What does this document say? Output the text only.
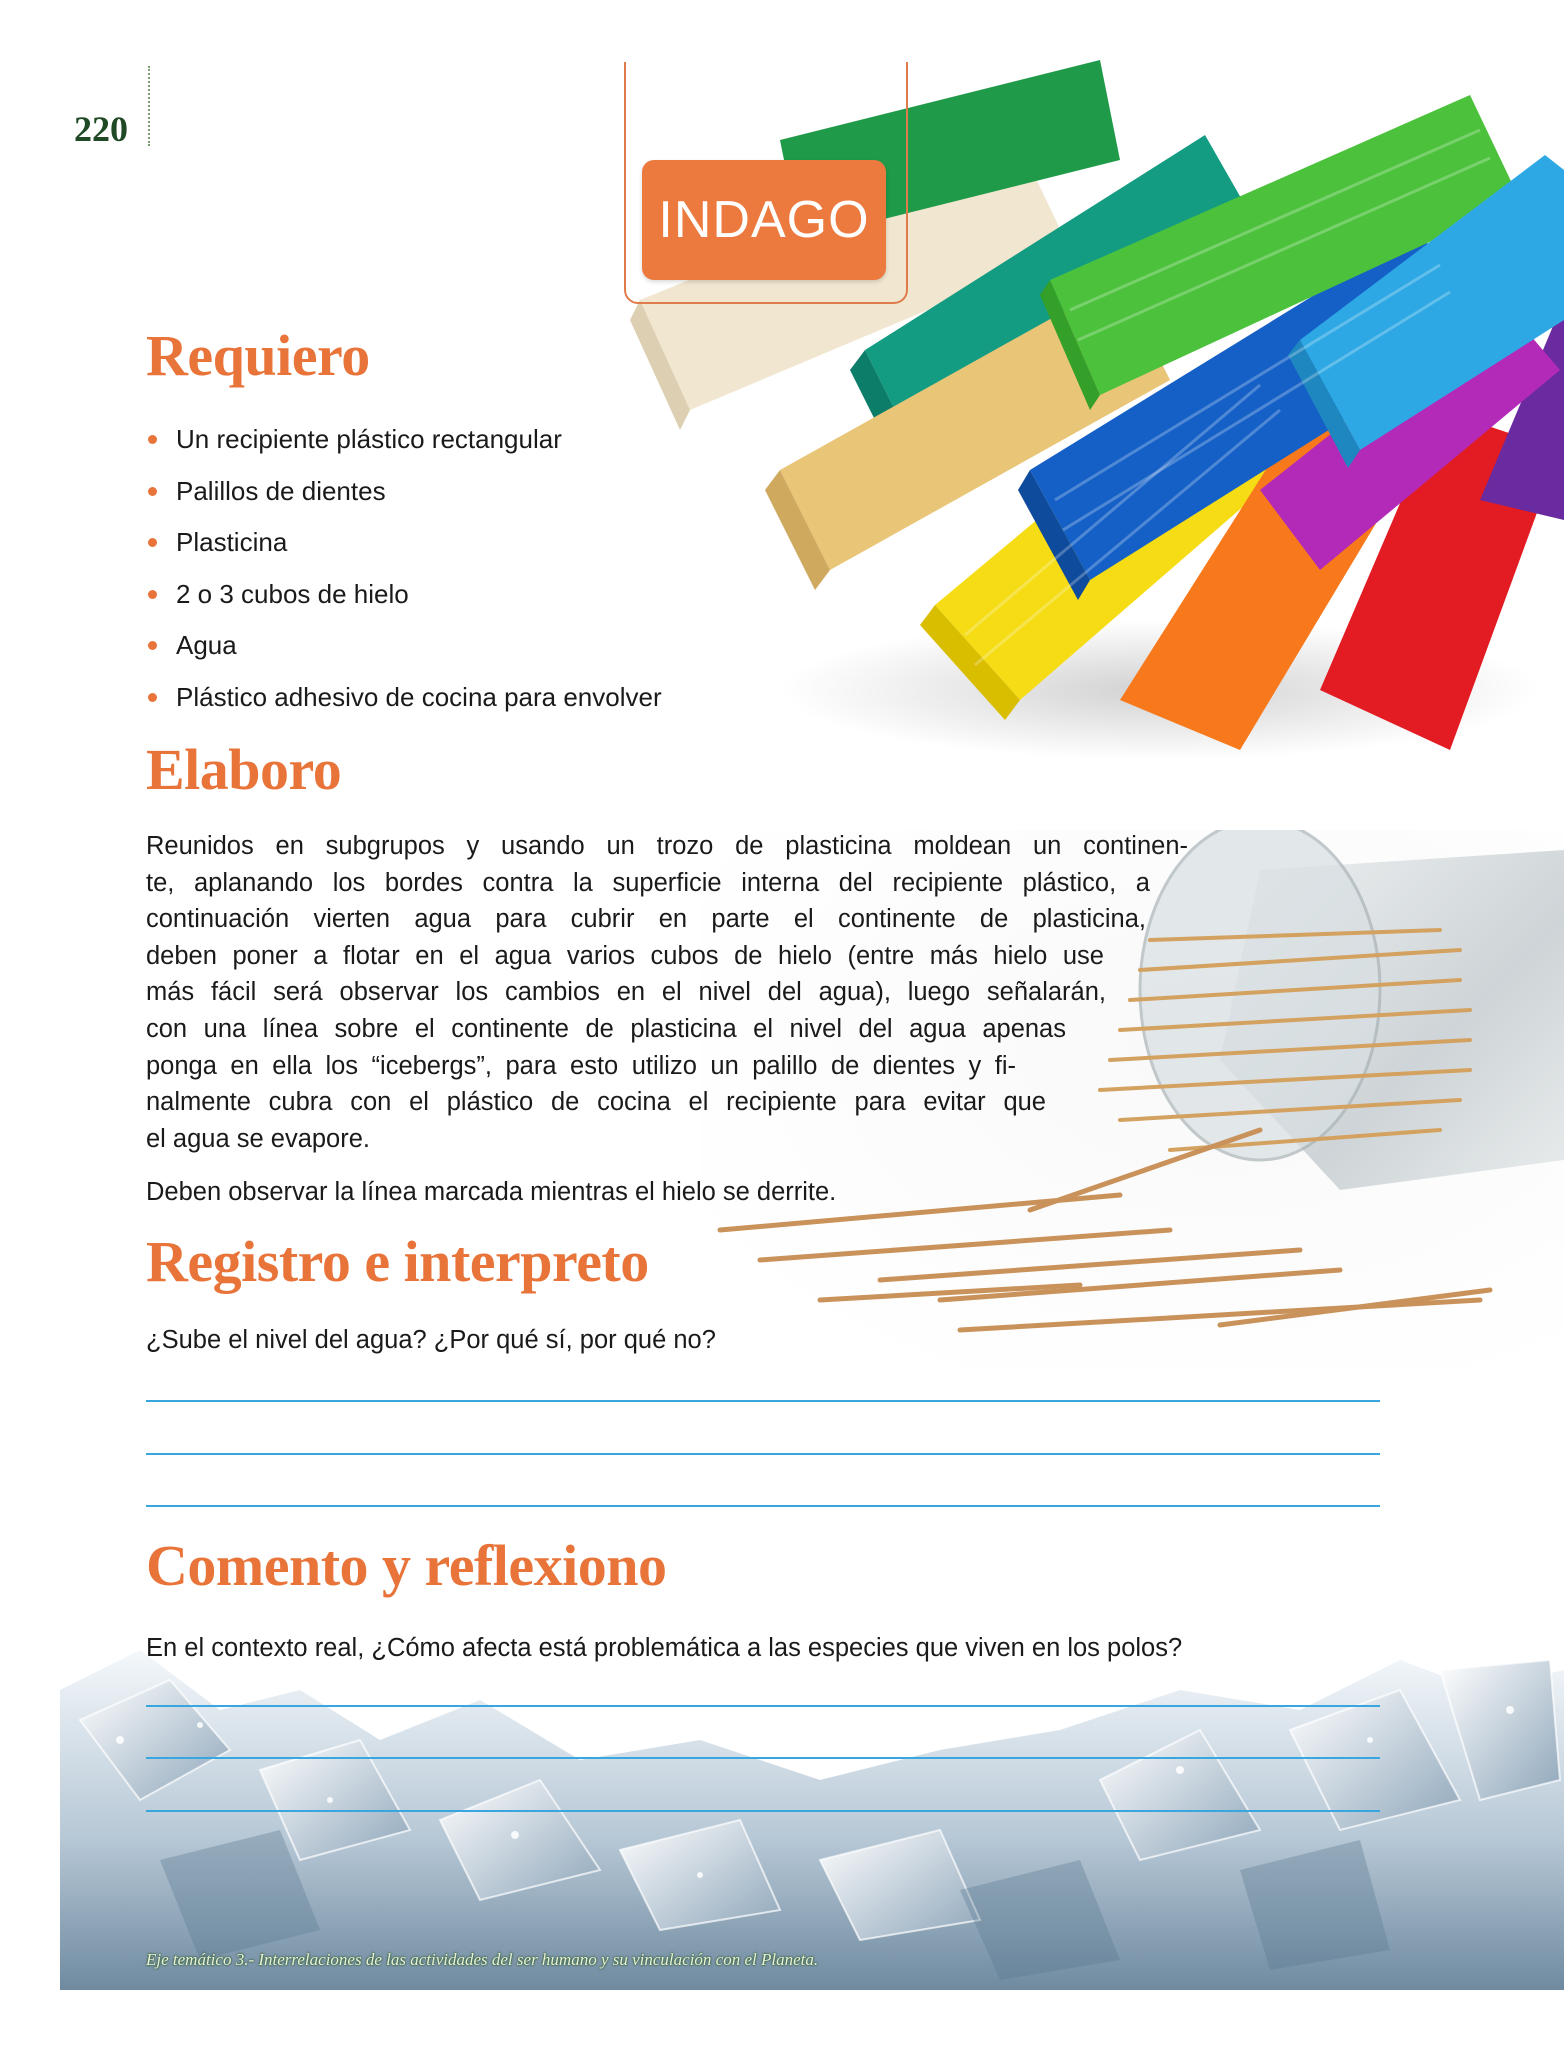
220
INDAGO
Requiero
Un recipiente plástico rectangular
Palillos de dientes
Plasticina
2 o 3 cubos de hielo
Agua
Plástico adhesivo de cocina para envolver
Elaboro
Reunidos en subgrupos y usando un trozo de plasticina moldean un continen-
te, aplanando los bordes contra la superficie interna del recipiente plástico, a
continuación vierten agua para cubrir en parte el continente de plasticina,
deben poner a flotar en el agua varios cubos de hielo (entre más hielo use
más fácil será observar los cambios en el nivel del agua), luego señalarán,
con una línea sobre el continente de plasticina el nivel del agua apenas
ponga en ella los “icebergs”, para esto utilizo un palillo de dientes y fi-
nalmente cubra con el plástico de cocina el recipiente para evitar que
el agua se evapore.

Deben observar la línea marcada mientras el hielo se derrite.

Registro e interpreto

¿Sube el nivel del agua? ¿Por qué sí, por qué no?

Comento y reflexiono

En el contexto real, ¿Cómo afecta está problemática a las especies que viven en los polos?

Eje temático 3.- Interrelaciones de las actividades del ser humano y su vinculación con el Planeta.
